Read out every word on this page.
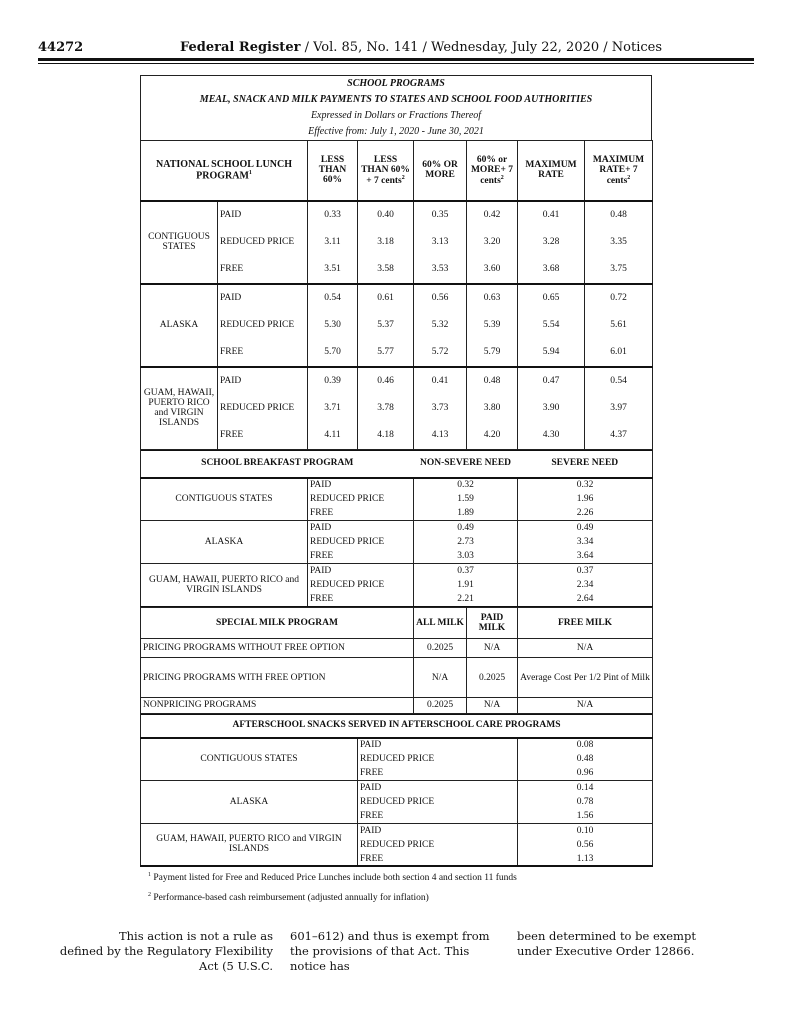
44272	Federal Register / Vol. 85, No. 141 / Wednesday, July 22, 2020 / Notices
SCHOOL PROGRAMS
MEAL, SNACK AND MILK PAYMENTS TO STATES AND SCHOOL FOOD AUTHORITIES
Expressed in Dollars or Fractions Thereof
Effective from: July 1, 2020 - June 30, 2021
NATIONAL SCHOOL LUNCH PROGRAM$^1$		LESS THAN 60%	LESS THAN 60% + 7 cents$^2$	60% OR MORE	60% or MORE+ 7 cents$^2$	MAXIMUM RATE	MAXIMUM RATE+ 7 cents$^2$
CONTIGUOUS STATES	PAID	0.33	0.40	0.35	0.42	0.41	0.48
	REDUCED PRICE	3.11	3.18	3.13	3.20	3.28	3.35
	FREE	3.51	3.58	3.53	3.60	3.68	3.75
ALASKA	PAID	0.54	0.61	0.56	0.63	0.65	0.72
	REDUCED PRICE	5.30	5.37	5.32	5.39	5.54	5.61
	FREE	5.70	5.77	5.72	5.79	5.94	6.01
GUAM, HAWAII, PUERTO RICO and VIRGIN ISLANDS	PAID	0.39	0.46	0.41	0.48	0.47	0.54
	REDUCED PRICE	3.71	3.78	3.73	3.80	3.90	3.97
	FREE	4.11	4.18	4.13	4.20	4.30	4.37
SCHOOL BREAKFAST PROGRAM		NON-SEVERE NEED	SEVERE NEED
CONTIGUOUS STATES	PAID	0.32	0.32
	REDUCED PRICE	1.59	1.96
	FREE	1.89	2.26
ALASKA	PAID	0.49	0.49
	REDUCED PRICE	2.73	3.34
	FREE	3.03	3.64
GUAM, HAWAII, PUERTO RICO and VIRGIN ISLANDS	PAID	0.37	0.37
	REDUCED PRICE	1.91	2.34
	FREE	2.21	2.64
SPECIAL MILK PROGRAM	ALL MILK	PAID MILK	FREE MILK
PRICING PROGRAMS WITHOUT FREE OPTION	0.2025	N/A	N/A
PRICING PROGRAMS WITH FREE OPTION	N/A	0.2025	Average Cost Per 1/2 Pint of Milk
NONPRICING PROGRAMS	0.2025	N/A	N/A
AFTERSCHOOL SNACKS SERVED IN AFTERSCHOOL CARE PROGRAMS		
CONTIGUOUS STATES	PAID	0.08
	REDUCED PRICE	0.48
	FREE	0.96
ALASKA	PAID	0.14
	REDUCED PRICE	0.78
	FREE	1.56
GUAM, HAWAII, PUERTO RICO and VIRGIN ISLANDS	PAID	0.10
	REDUCED PRICE	0.56
	FREE	1.13
$^1$ Payment listed for Free and Reduced Price Lunches include both section 4 and section 11 funds
$^2$ Performance-based cash reimbursement (adjusted annually for inflation)
This action is not a rule as defined by the Regulatory Flexibility Act (5 U.S.C.
601–612) and thus is exempt from the provisions of that Act. This notice has
been determined to be exempt under Executive Order 12866.
